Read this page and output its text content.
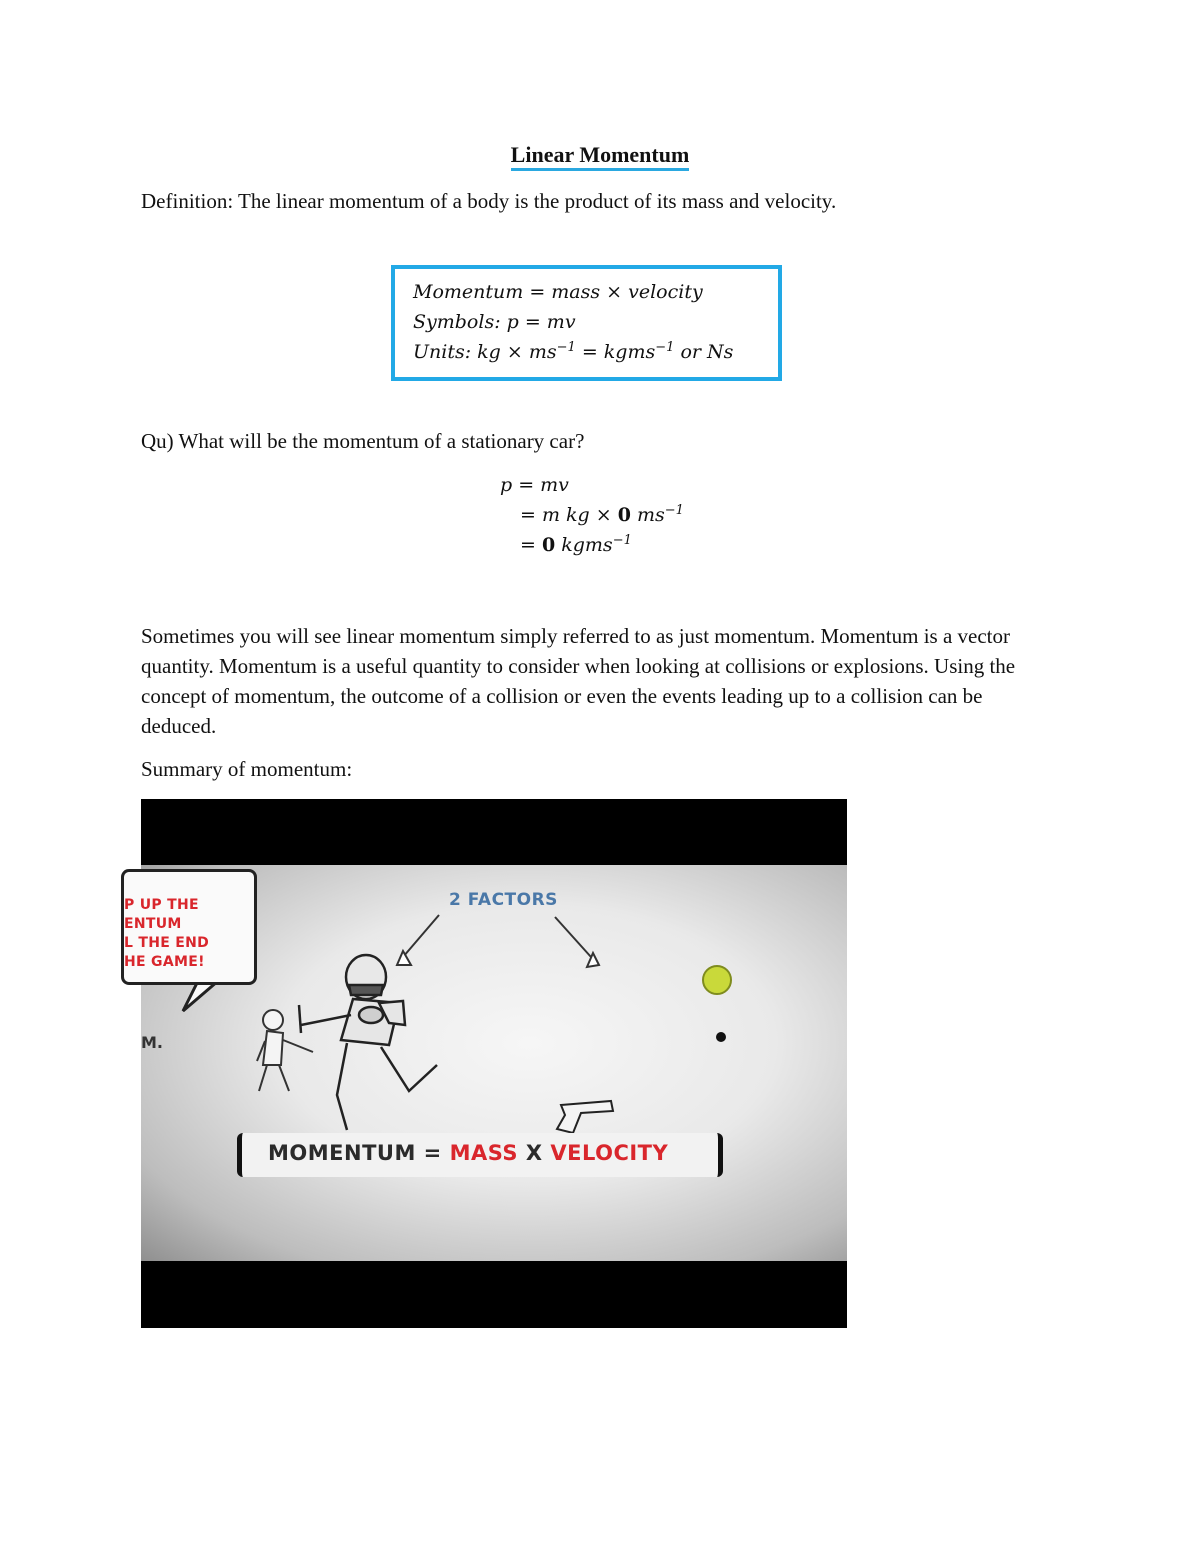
Linear Momentum
Definition: The linear momentum of a body is the product of its mass and velocity.
Momentum = mass × velocity
Symbols: p = mv
Units: kg × $ms^{-1}$ = kgms$^{-1}$ or Ns
Qu) What will be the momentum of a stationary car?
p = mv
= m kg × 0 $ms^{-1}$
= 0 kgms$^{-1}$
Sometimes you will see linear momentum simply referred to as just momentum. Momentum is a vector quantity. Momentum is a useful quantity to consider when looking at collisions or explosions. Using the concept of momentum, the outcome of a collision or even the events leading up to a collision can be deduced.
Summary of momentum:
P UP THE
ENTUM
L THE END
HE GAME!
M.
2 FACTORS
MOMENTUM = MASS X VELOCITY
